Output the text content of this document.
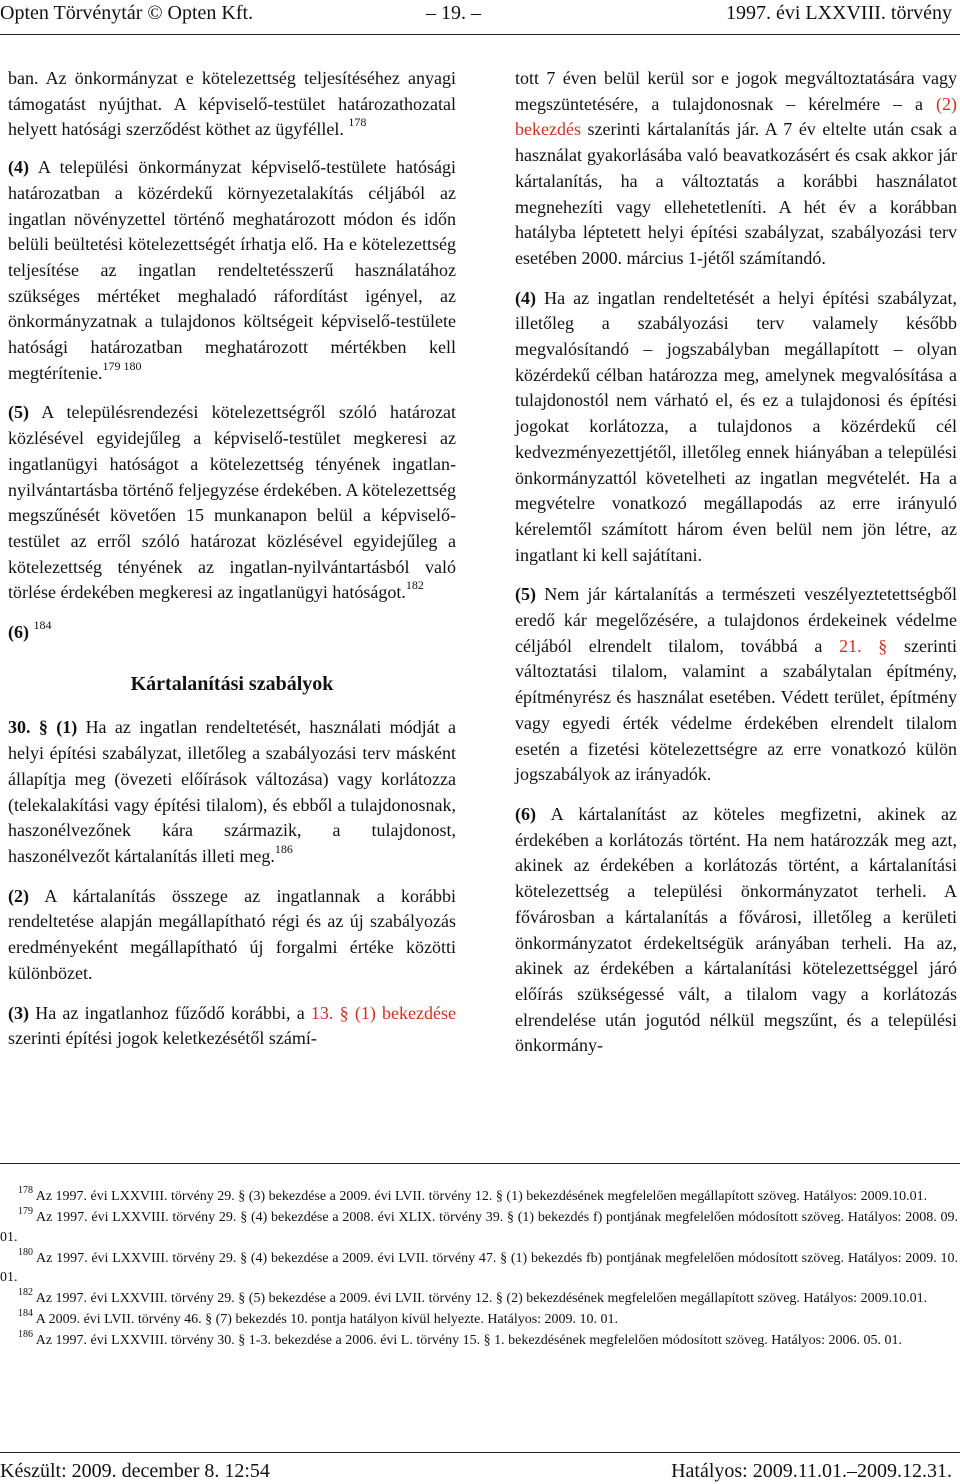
Opten Törvénytár © Opten Kft.	– 19. –	1997. évi LXXVIII. törvény

ban. Az önkormányzat e kötelezettség teljesítéséhez anyagi támogatást nyújthat. A képviselő-testület határozathozatal helyett hatósági szerződést köthet az ügyféllel. $^{178}$

(4) A települési önkormányzat képviselő-testülete hatósági határozatban a közérdekű környezetalakítás céljából az ingatlan növényzettel történő meghatározott módon és időn belüli beültetési kötelezettségét írhatja elő. Ha e kötelezettség teljesítése az ingatlan rendeltetésszerű használatához szükséges mértéket meghaladó ráfordítást igényel, az önkormányzatnak a tulajdonos költségeit képviselő-testülete hatósági határozatban meghatározott mértékben kell megtérítenie.$^{179 180}$

(5) A településrendezési kötelezettségről szóló határozat közlésével egyidejűleg a képviselő-testület megkeresi az ingatlanügyi hatóságot a kötelezettség tényének ingatlan-nyilvántartásba történő feljegyzése érdekében. A kötelezettség megszűnését követően 15 munkanapon belül a képviselő-testület az erről szóló határozat közlésével egyidejűleg a kötelezettség tényének az ingatlan-nyilvántartásból való törlése érdekében megkeresi az ingatlanügyi hatóságot.$^{182}$

(6) $^{184}$

Kártalanítási szabályok

30. § (1) Ha az ingatlan rendeltetését, használati módját a helyi építési szabályzat, illetőleg a szabályozási terv másként állapítja meg (övezeti előírások változása) vagy korlátozza (telekalakítási vagy építési tilalom), és ebből a tulajdonosnak, haszonélvezőnek kára származik, a tulajdonost, haszonélvezőt kártalanítás illeti meg.$^{186}$

(2) A kártalanítás összege az ingatlannak a korábbi rendeltetése alapján megállapítható régi és az új szabályozás eredményeként megállapítható új forgalmi értéke közötti különbözet.

(3) Ha az ingatlanhoz fűződő korábbi, a 13. § (1) bekezdése szerinti építési jogok keletkezésétől számí-

tott 7 éven belül kerül sor e jogok megváltoztatására vagy megszüntetésére, a tulajdonosnak – kérelmére – a (2) bekezdés szerinti kártalanítás jár. A 7 év eltelte után csak a használat gyakorlásába való beavatkozásért és csak akkor jár kártalanítás, ha a változtatás a korábbi használatot megnehezíti vagy ellehetetleníti. A hét év a korábban hatályba léptetett helyi építési szabályzat, szabályozási terv esetében 2000. március 1-jétől számítandó.

(4) Ha az ingatlan rendeltetését a helyi építési szabályzat, illetőleg a szabályozási terv valamely később megvalósítandó – jogszabályban megállapított – olyan közérdekű célban határozza meg, amelynek megvalósítása a tulajdonostól nem várható el, és ez a tulajdonosi és építési jogokat korlátozza, a tulajdonos a közérdekű cél kedvezményezettjétől, illetőleg ennek hiányában a települési önkormányzattól követelheti az ingatlan megvételét. Ha a megvételre vonatkozó megállapodás az erre irányuló kérelemtől számított három éven belül nem jön létre, az ingatlant ki kell sajátítani.

(5) Nem jár kártalanítás a természeti veszélyeztetettségből eredő kár megelőzésére, a tulajdonos érdekeinek védelme céljából elrendelt tilalom, továbbá a 21. § szerinti változtatási tilalom, valamint a szabálytalan építmény, építményrész és használat esetében. Védett terület, építmény vagy egyedi érték védelme érdekében elrendelt tilalom esetén a fizetési kötelezettségre az erre vonatkozó külön jogszabályok az irányadók.

(6) A kártalanítást az köteles megfizetni, akinek az érdekében a korlátozás történt. Ha nem határozzák meg azt, akinek az érdekében a korlátozás történt, a kártalanítási kötelezettség a települési önkormányzatot terheli. A fővárosban a kártalanítás a fővárosi, illetőleg a kerületi önkormányzatot érdekeltségük arányában terheli. Ha az, akinek az érdekében a kártalanítási kötelezettséggel járó előírás szükségessé vált, a tilalom vagy a korlátozás elrendelése után jogutód nélkül megszűnt, és a települési önkormány-

$^{178}$ Az 1997. évi LXXVIII. törvény 29. § (3) bekezdése a 2009. évi LVII. törvény 12. § (1) bekezdésének megfelelően megállapított szöveg. Hatályos: 2009.10.01.

$^{179}$ Az 1997. évi LXXVIII. törvény 29. § (4) bekezdése a 2008. évi XLIX. törvény 39. § (1) bekezdés f) pontjának megfelelően módosított szöveg. Hatályos: 2008. 09. 01.

$^{180}$ Az 1997. évi LXXVIII. törvény 29. § (4) bekezdése a 2009. évi LVII. törvény 47. § (1) bekezdés fb) pontjának megfelelően módosított szöveg. Hatályos: 2009. 10. 01.

$^{182}$ Az 1997. évi LXXVIII. törvény 29. § (5) bekezdése a 2009. évi LVII. törvény 12. § (2) bekezdésének megfelelően megállapított szöveg. Hatályos: 2009.10.01.

$^{184}$ A 2009. évi LVII. törvény 46. § (7) bekezdés 10. pontja hatályon kívül helyezte. Hatályos: 2009. 10. 01.

$^{186}$ Az 1997. évi LXXVIII. törvény 30. § 1-3. bekezdése a 2006. évi L. törvény 15. § 1. bekezdésének megfelelően módosított szöveg. Hatályos: 2006. 05. 01.

Készült: 2009. december 8. 12:54	Hatályos: 2009.11.01.–2009.12.31.
